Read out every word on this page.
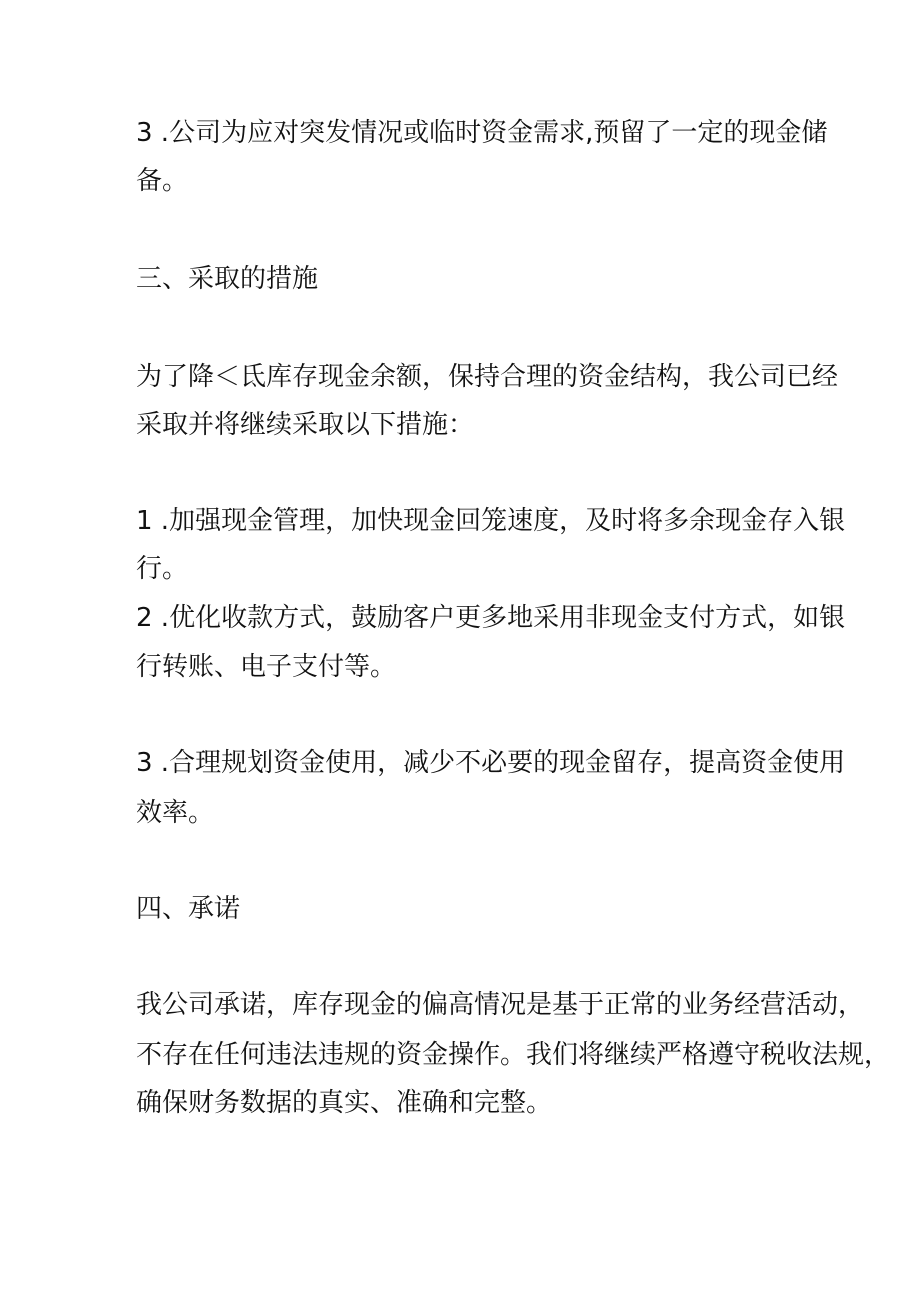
3 .公司为应对突发情况或临时资金需求,预留了一定的现金储
备。
三、采取的措施
为了降＜氐库存现金余额，保持合理的资金结构，我公司已经
采取并将继续采取以下措施：
1 .加强现金管理，加快现金回笼速度，及时将多余现金存入银
行。
2 .优化收款方式，鼓励客户更多地采用非现金支付方式，如银
行转账、电子支付等。
3 .合理规划资金使用，减少不必要的现金留存，提高资金使用
效率。
四、承诺
我公司承诺，库存现金的偏高情况是基于正常的业务经营活动，
不存在任何违法违规的资金操作。我们将继续严格遵守税收法规，
确保财务数据的真实、准确和完整。
